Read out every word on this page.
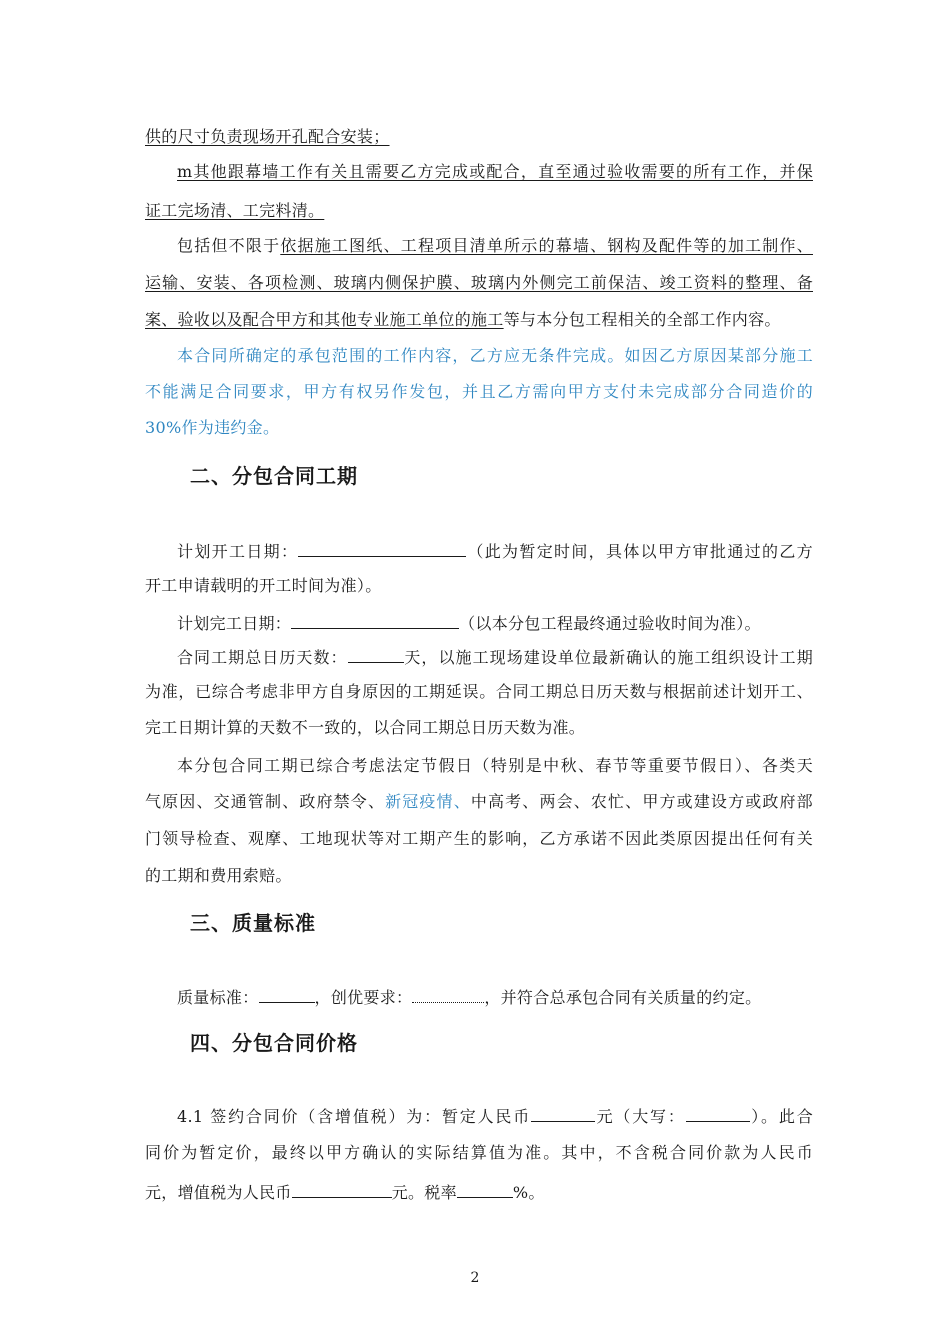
供的尺寸负责现场开孔配合安装；
m其他跟幕墙工作有关且需要乙方完成或配合，直至通过验收需要的所有工作，并保
证工完场清、工完料清。
包括但不限于依据施工图纸、工程项目清单所示的幕墙、钢构及配件等的加工制作、
运输、安装、各项检测、玻璃内侧保护膜、玻璃内外侧完工前保洁、竣工资料的整理、备
案、验收以及配合甲方和其他专业施工单位的施工等与本分包工程相关的全部工作内容。
本合同所确定的承包范围的工作内容，乙方应无条件完成。如因乙方原因某部分施工
不能满足合同要求，甲方有权另作发包，并且乙方需向甲方支付未完成部分合同造价的
30%作为违约金。
二、分包合同工期
计划开工日期：	（此为暂定时间，具体以甲方审批通过的乙方
开工申请载明的开工时间为准）。
计划完工日期：	（以本分包工程最终通过验收时间为准）。
合同工期总日历天数：	天，以施工现场建设单位最新确认的施工组织设计工期
为准，已综合考虑非甲方自身原因的工期延误。合同工期总日历天数与根据前述计划开工、
完工日期计算的天数不一致的，以合同工期总日历天数为准。
本分包合同工期已综合考虑法定节假日（特别是中秋、春节等重要节假日）、各类天
气原因、交通管制、政府禁令、新冠疫情、中高考、两会、农忙、甲方或建设方或政府部
门领导检查、观摩、工地现状等对工期产生的影响，乙方承诺不因此类原因提出任何有关
的工期和费用索赔。
三、质量标准
质量标准：	，创优要求：	，并符合总承包合同有关质量的约定。
四、分包合同价格
4.1 签约合同价（含增值税）为：暂定人民币	元（大写：	）。此合
同价为暂定价，最终以甲方确认的实际结算值为准。其中，不含税合同价款为人民币
元，增值税为人民币	元。税率	%。
2
